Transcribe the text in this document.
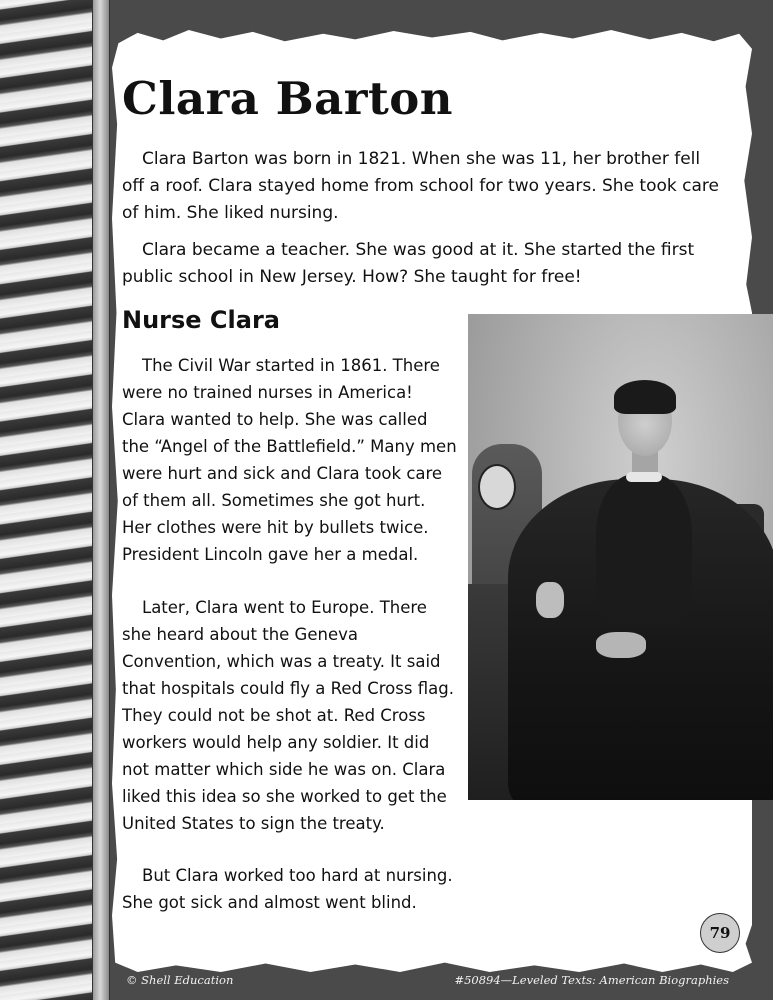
Clara Barton

Clara Barton was born in 1821. When she was 11, her brother fell off a roof. Clara stayed home from school for two years. She took care of him. She liked nursing.

Clara became a teacher. She was good at it. She started the first public school in New Jersey. How? She taught for free!

Nurse Clara

The Civil War started in 1861. There were no trained nurses in America! Clara wanted to help. She was called the “Angel of the Battlefield.” Many men were hurt and sick and Clara took care of them all. Sometimes she got hurt. Her clothes were hit by bullets twice. President Lincoln gave her a medal.

Later, Clara went to Europe. There she heard about the Geneva Convention, which was a treaty. It said that hospitals could fly a Red Cross flag. They could not be shot at. Red Cross workers would help any soldier. It did not matter which side he was on. Clara liked this idea so she worked to get the United States to sign the treaty.

But Clara worked too hard at nursing. She got sick and almost went blind.

79

© Shell Education	#50894—Leveled Texts: American Biographies
